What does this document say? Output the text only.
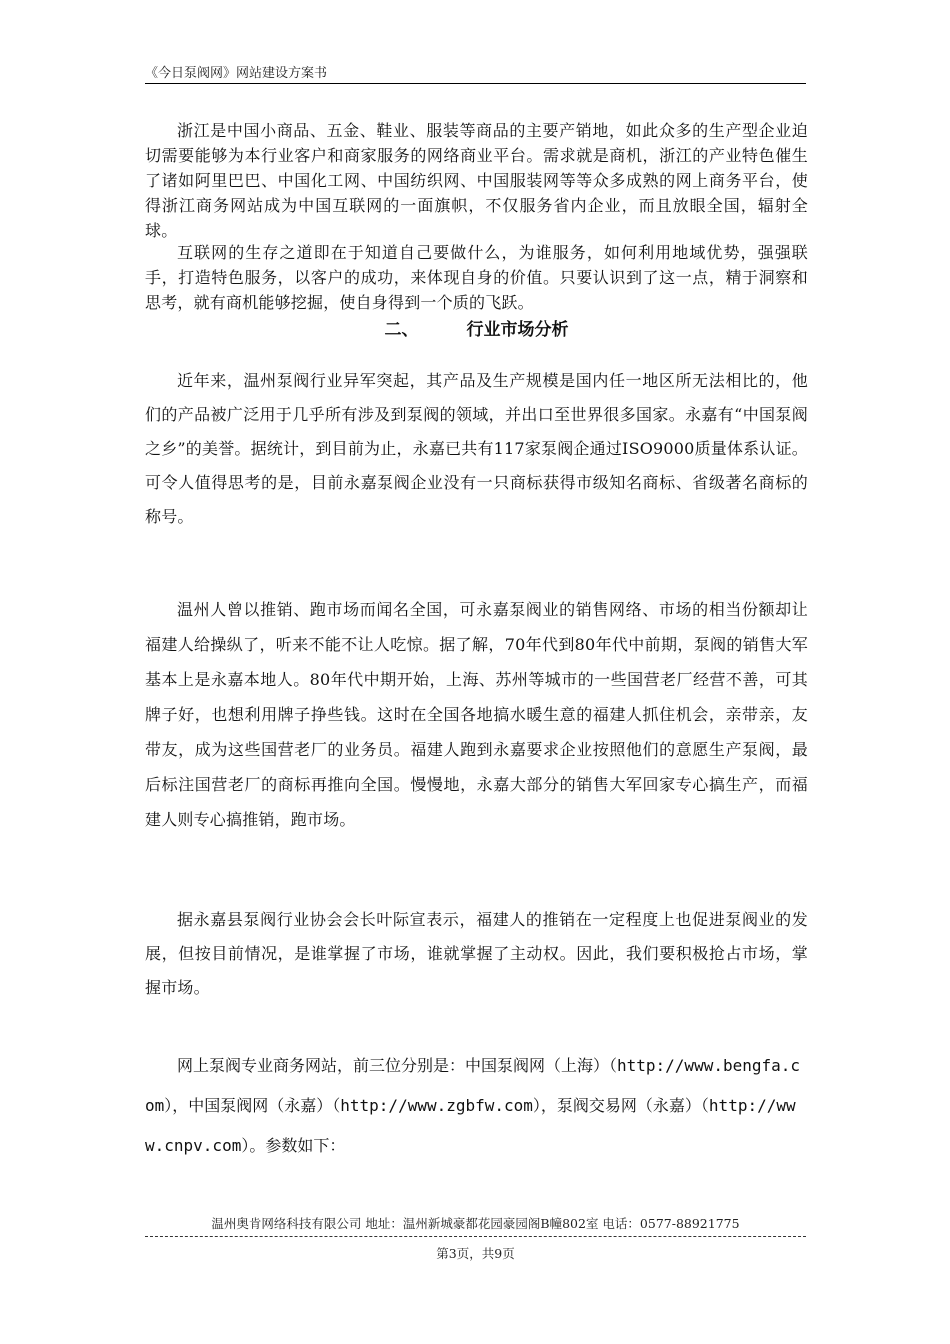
《今日泵阀网》网站建设方案书

浙江是中国小商品、五金、鞋业、服装等商品的主要产销地，如此众多的生产型企业迫切需要能够为本行业客户和商家服务的网络商业平台。需求就是商机，浙江的产业特色催生了诸如阿里巴巴、中国化工网、中国纺织网、中国服装网等等众多成熟的网上商务平台，使得浙江商务网站成为中国互联网的一面旗帜，不仅服务省内企业，而且放眼全国，辐射全球。

互联网的生存之道即在于知道自己要做什么，为谁服务，如何利用地域优势，强强联手，打造特色服务，以客户的成功，来体现自身的价值。只要认识到了这一点，精于洞察和思考，就有商机能够挖掘，使自身得到一个质的飞跃。

二、	行业市场分析

近年来，温州泵阀行业异军突起，其产品及生产规模是国内任一地区所无法相比的，他们的产品被广泛用于几乎所有涉及到泵阀的领域，并出口至世界很多国家。永嘉有“中国泵阀之乡”的美誉。据统计，到目前为止，永嘉已共有117家泵阀企通过ISO9000质量体系认证。可令人值得思考的是，目前永嘉泵阀企业没有一只商标获得市级知名商标、省级著名商标的称号。

温州人曾以推销、跑市场而闻名全国，可永嘉泵阀业的销售网络、市场的相当份额却让福建人给操纵了，听来不能不让人吃惊。据了解，70年代到80年代中前期，泵阀的销售大军基本上是永嘉本地人。80年代中期开始，上海、苏州等城市的一些国营老厂经营不善，可其牌子好，也想利用牌子挣些钱。这时在全国各地搞水暖生意的福建人抓住机会，亲带亲，友带友，成为这些国营老厂的业务员。福建人跑到永嘉要求企业按照他们的意愿生产泵阀，最后标注国营老厂的商标再推向全国。慢慢地，永嘉大部分的销售大军回家专心搞生产，而福建人则专心搞推销，跑市场。

据永嘉县泵阀行业协会会长叶际宣表示，福建人的推销在一定程度上也促进泵阀业的发展，但按目前情况，是谁掌握了市场，谁就掌握了主动权。因此，我们要积极抢占市场，掌握市场。

网上泵阀专业商务网站，前三位分别是：中国泵阀网（上海）（http://www.bengfa.com），中国泵阀网（永嘉）（http://www.zgbfw.com），泵阀交易网（永嘉）（http://www.cnpv.com）。参数如下：

温州奥肯网络科技有限公司 地址：温州新城豪都花园豪园阁B幢802室 电话：0577-88921775
第3页，共9页
